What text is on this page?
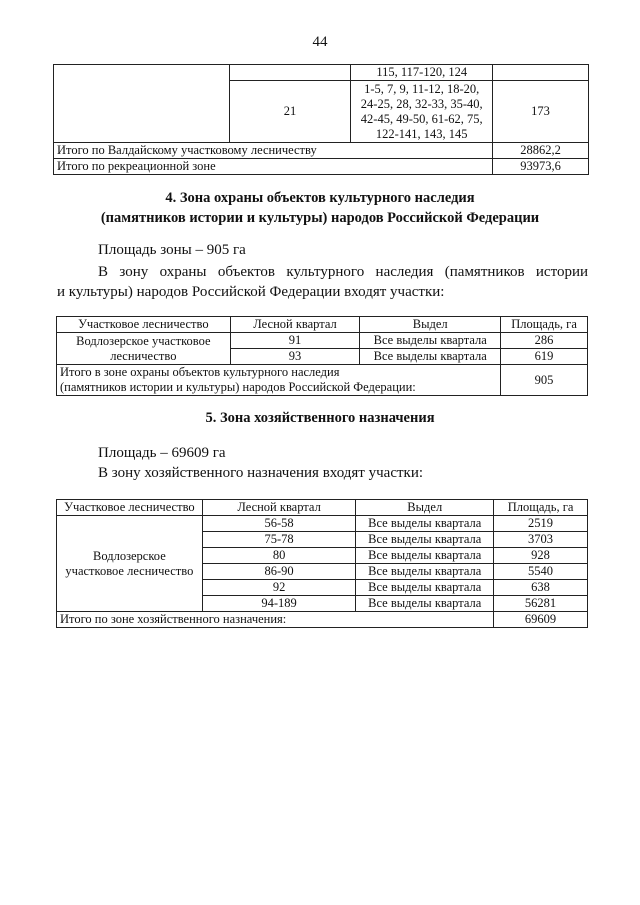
44
		115, 117-120, 124	
	21	1-5, 7, 9, 11-12, 18-20,
24-25, 28, 32-33, 35-40,
42-45, 49-50, 61-62, 75,
122-141, 143, 145	173
Итого по Валдайскому участковому лесничеству			28862,2
Итого по рекреационной зоне			93973,6
4. Зона охраны объектов культурного наследия
(памятников истории и культуры) народов Российской Федерации
Площадь зоны – 905 га
В зону охраны объектов культурного наследия (памятников истории
и культуры) народов Российской Федерации входят участки:
Участковое лесничество	Лесной квартал	Выдел	Площадь, га

Водлозерское участковое
лесничество	91	Все выделы квартала	286
	93	Все выделы квартала	619

Итого в зоне охраны объектов культурного наследия
(памятников истории и культуры) народов Российской Федерации:			905
5. Зона хозяйственного назначения
Площадь – 69609 га
В зону хозяйственного назначения входят участки:
Участковое лесничество	Лесной квартал	Выдел	Площадь, га

Водлозерское
участковое лесничество	56-58	Все выделы квартала	2519
	75-78	Все выделы квартала	3703
	80	Все выделы квартала	928
	86-90	Все выделы квартала	5540
	92	Все выделы квартала	638
	94-189	Все выделы квартала	56281
Итого по зоне хозяйственного назначения:			69609
